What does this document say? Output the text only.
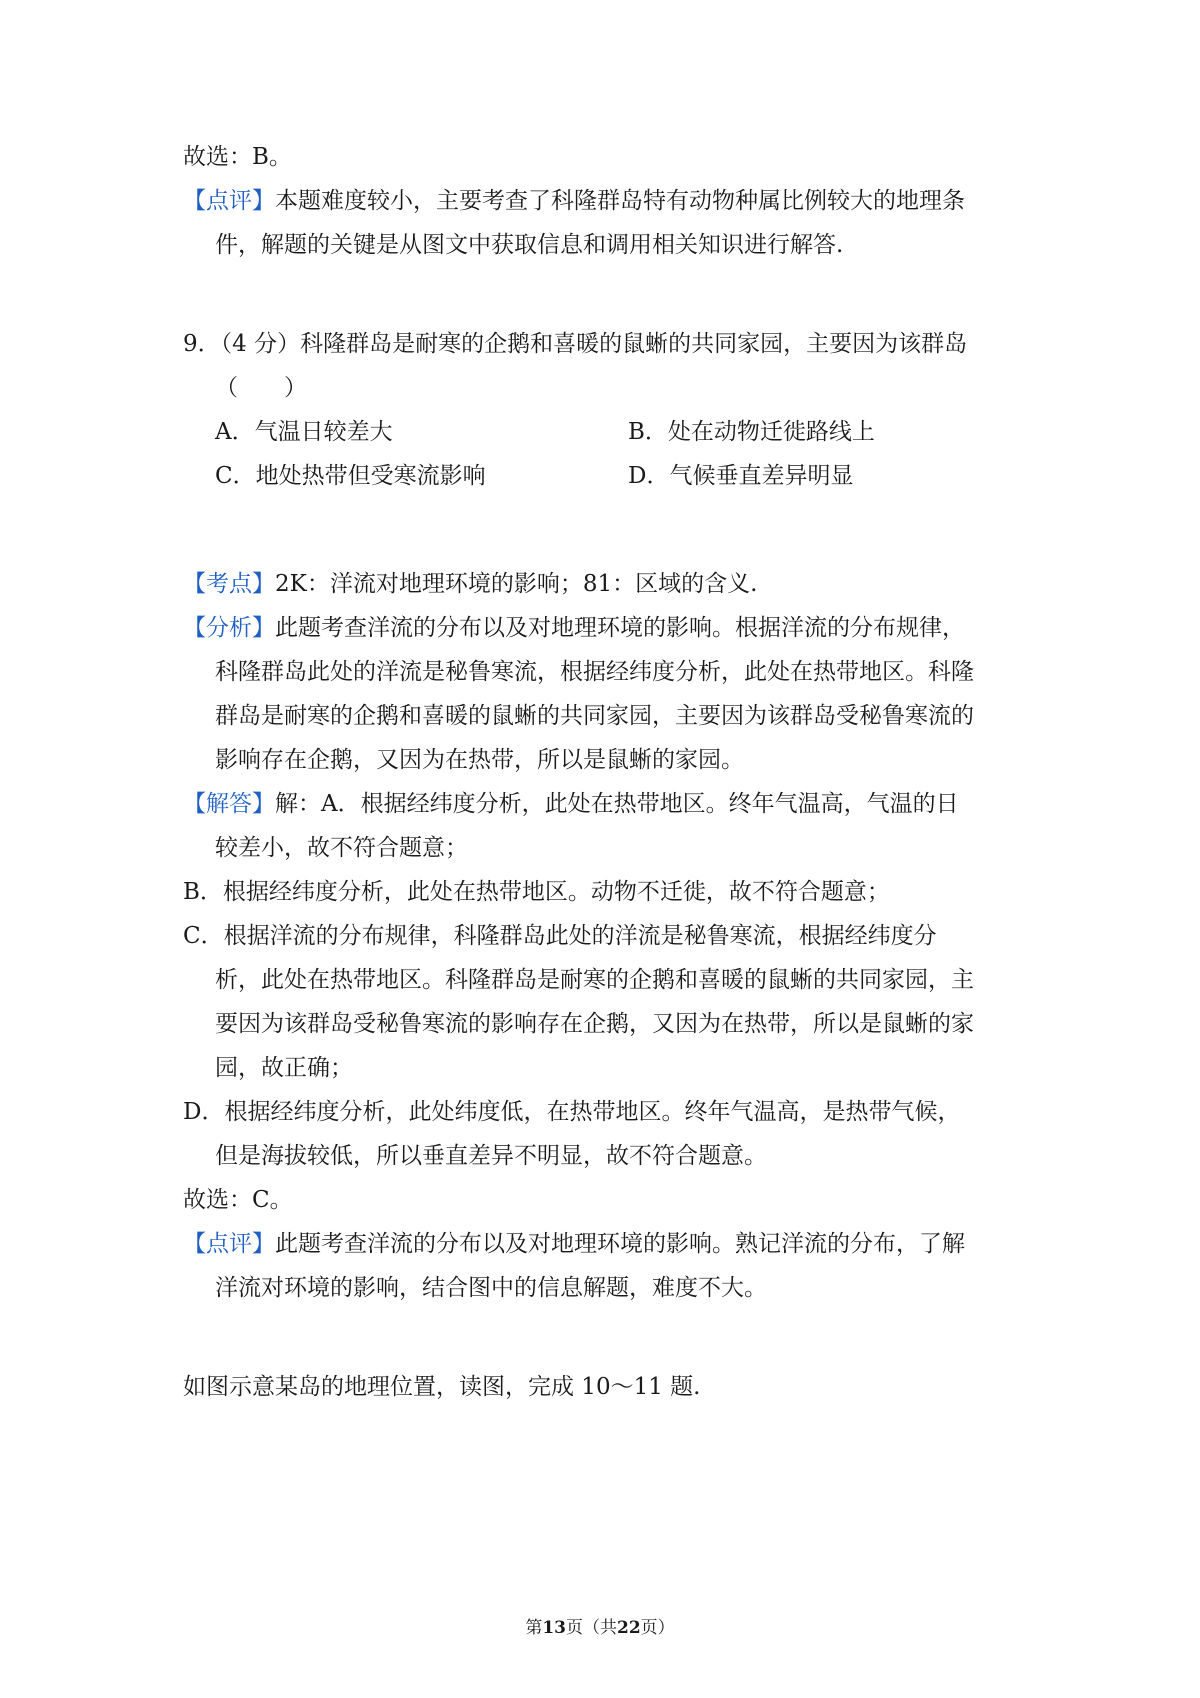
故选：B。
【点评】本题难度较小，主要考查了科隆群岛特有动物种属比例较大的地理条
件，解题的关键是从图文中获取信息和调用相关知识进行解答.
9．（4 分）科隆群岛是耐寒的企鹅和喜暖的鼠蜥的共同家园，主要因为该群岛
（　　）
A．气温日较差大	B．处在动物迁徙路线上
C．地处热带但受寒流影响	D．气候垂直差异明显
【考点】2K：洋流对地理环境的影响；81：区域的含义.
【分析】此题考查洋流的分布以及对地理环境的影响。根据洋流的分布规律，
科隆群岛此处的洋流是秘鲁寒流，根据经纬度分析，此处在热带地区。科隆
群岛是耐寒的企鹅和喜暖的鼠蜥的共同家园，主要因为该群岛受秘鲁寒流的
影响存在企鹅，又因为在热带，所以是鼠蜥的家园。
【解答】解：A．根据经纬度分析，此处在热带地区。终年气温高，气温的日
较差小，故不符合题意；
B．根据经纬度分析，此处在热带地区。动物不迁徙，故不符合题意；
C．根据洋流的分布规律，科隆群岛此处的洋流是秘鲁寒流，根据经纬度分
析，此处在热带地区。科隆群岛是耐寒的企鹅和喜暖的鼠蜥的共同家园，主
要因为该群岛受秘鲁寒流的影响存在企鹅，又因为在热带，所以是鼠蜥的家
园，故正确；
D．根据经纬度分析，此处纬度低，在热带地区。终年气温高，是热带气候，
但是海拔较低，所以垂直差异不明显，故不符合题意。
故选：C。
【点评】此题考查洋流的分布以及对地理环境的影响。熟记洋流的分布，了解
洋流对环境的影响，结合图中的信息解题，难度不大。
如图示意某岛的地理位置，读图，完成 10～11 题.
第13页（共22页）
